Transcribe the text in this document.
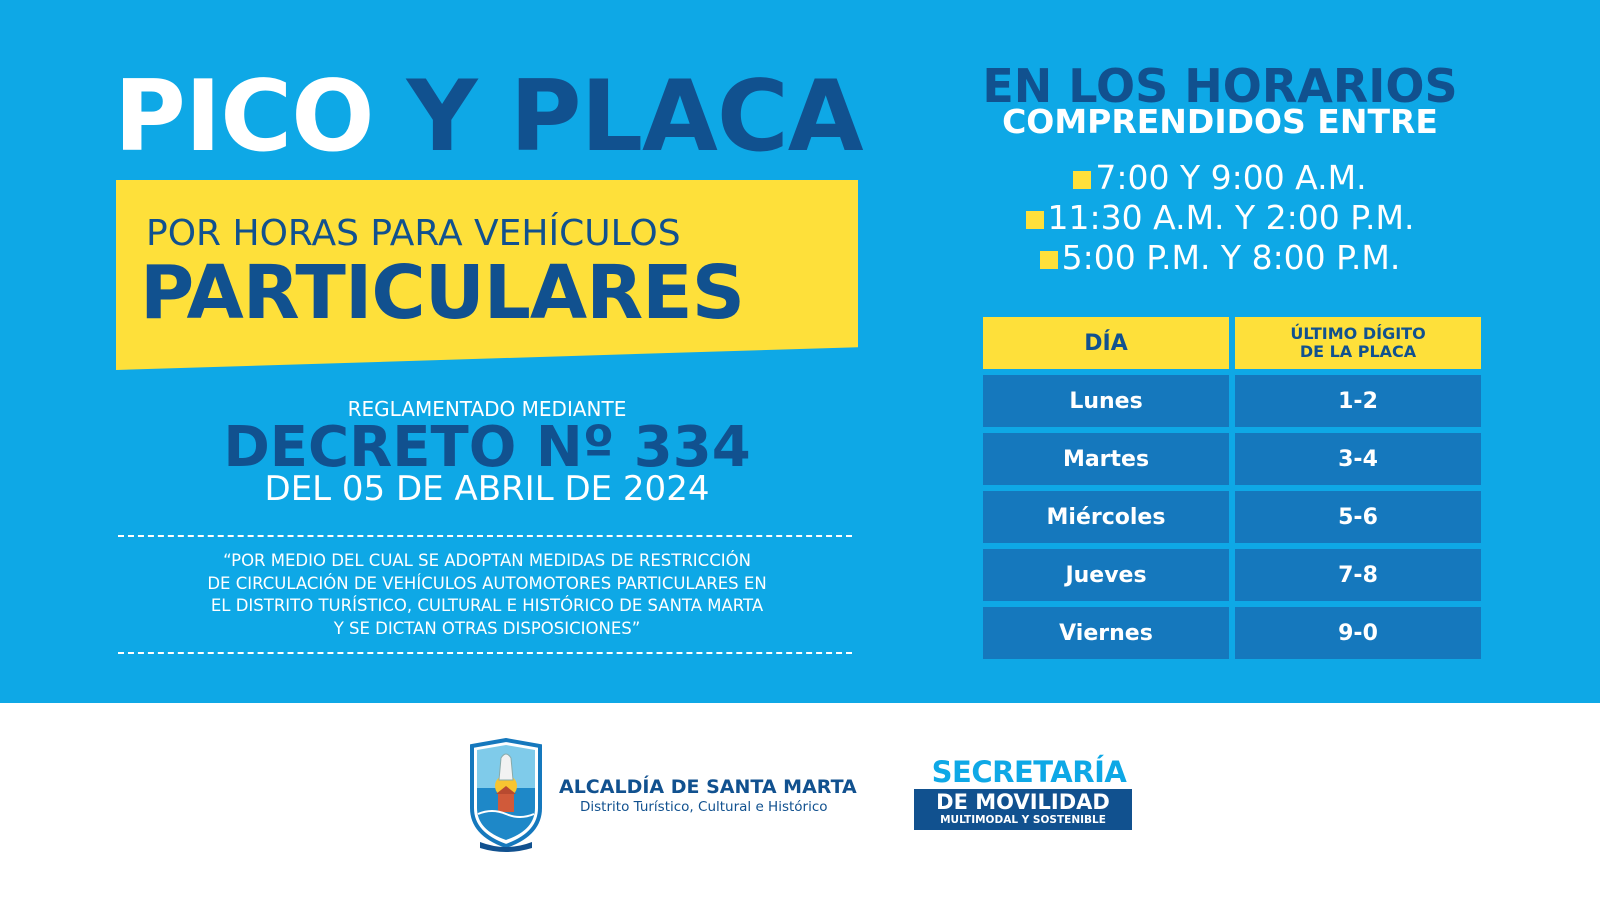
PICO Y PLACA
POR HORAS PARA VEHÍCULOS
PARTICULARES
REGLAMENTADO MEDIANTE
DECRETO Nº 334
DEL 05 DE ABRIL DE 2024
“POR MEDIO DEL CUAL SE ADOPTAN MEDIDAS DE RESTRICCIÓN
DE CIRCULACIÓN DE VEHÍCULOS AUTOMOTORES PARTICULARES EN
EL DISTRITO TURÍSTICO, CULTURAL E HISTÓRICO DE SANTA MARTA
Y SE DICTAN OTRAS DISPOSICIONES”
EN LOS HORARIOS
COMPRENDIDOS ENTRE
7:00 Y 9:00 A.M.
11:30 A.M. Y 2:00 P.M.
5:00 P.M. Y 8:00 P.M.
DÍA	ÚLTIMO DÍGITO
DE LA PLACA
Lunes	1-2
Martes	3-4
Miércoles	5-6
Jueves	7-8
Viernes	9-0
ALCALDÍA DE SANTA MARTA
Distrito Turístico, Cultural e Histórico
SECRETARÍA
DE MOVILIDAD
MULTIMODAL Y SOSTENIBLE
